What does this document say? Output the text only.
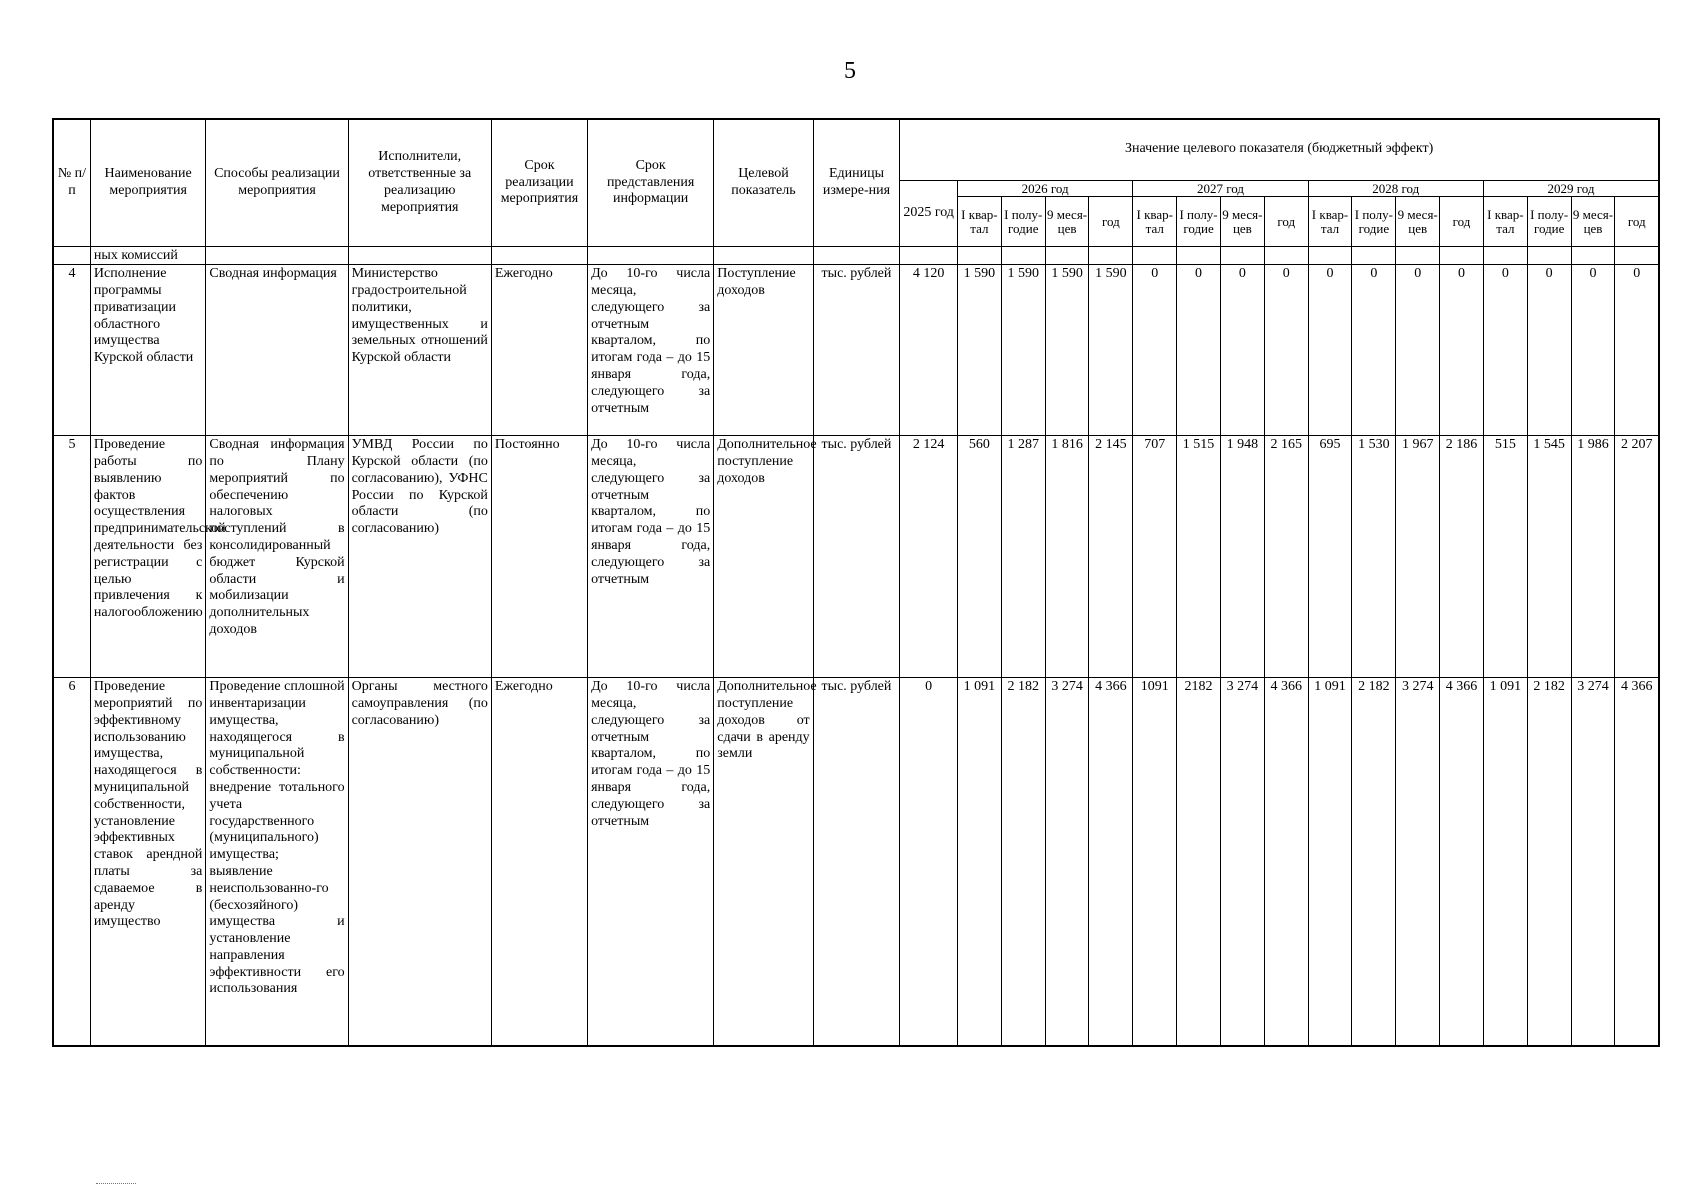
5
№ п/п	Наименование мероприятия	Способы реализации мероприятия	Исполнители, ответственные за реализацию мероприятия	Срок реализации мероприятия	Срок представления информации	Целевой показатель	Единицы измере-ния	Значение целевого показателя (бюджетный эффект)																
								2025 год	2026 год				2027 год				2028 год				2029 год			
									I квар-тал	I полу-годие	9 меся-цев	год	I квар-тал	I полу-годие	9 меся-цев	год	I квар-тал	I полу-годие	9 меся-цев	год	I квар-тал	I полу-годие	9 меся-цев	год
	ных комиссий																							
4	Исполнение программы приватизации областного имущества Курской области	Сводная информация	Министерство градостроительной политики, имущественных и земельных отношений Курской области	Ежегодно	До 10-го числа месяца, следующего за отчетным кварталом, по итогам года – до 15 января года, следующего за отчетным	Поступление доходов	тыс. рублей	4 120	1 590	1 590	1 590	1 590	0	0	0	0	0	0	0	0	0	0	0	0
5	Проведение работы по выявлению фактов осуществления предпринимательской деятельности без регистрации с целью привлечения к налогообложению	Сводная информация по Плану мероприятий по обеспечению налоговых поступлений в консолидированный бюджет Курской области и мобилизации дополнительных доходов	УМВД России по Курской области (по согласованию), УФНС России по Курской области (по согласованию)	Постоянно	До 10-го числа месяца, следующего за отчетным кварталом, по итогам года – до 15 января года, следующего за отчетным	Дополнительное поступление доходов	тыс. рублей	2 124	560	1 287	1 816	2 145	707	1 515	1 948	2 165	695	1 530	1 967	2 186	515	1 545	1 986	2 207
6	Проведение мероприятий по эффективному использованию имущества, находящегося в муниципальной собственности, установление эффективных ставок арендной платы за сдаваемое в аренду имущество	Проведение сплошной инвентаризации имущества, находящегося в муниципальной собственности: внедрение тотального учета государственного (муниципального) имущества; выявление неиспользованно-го (бесхозяйного) имущества и установление направления эффективности его использования	Органы местного самоуправления (по согласованию)	Ежегодно	До 10-го числа месяца, следующего за отчетным кварталом, по итогам года – до 15 января года, следующего за отчетным	Дополнительное поступление доходов от сдачи в аренду земли	тыс. рублей	0	1 091	2 182	3 274	4 366	1091	2182	3 274	4 366	1 091	2 182	3 274	4 366	1 091	2 182	3 274	4 366
